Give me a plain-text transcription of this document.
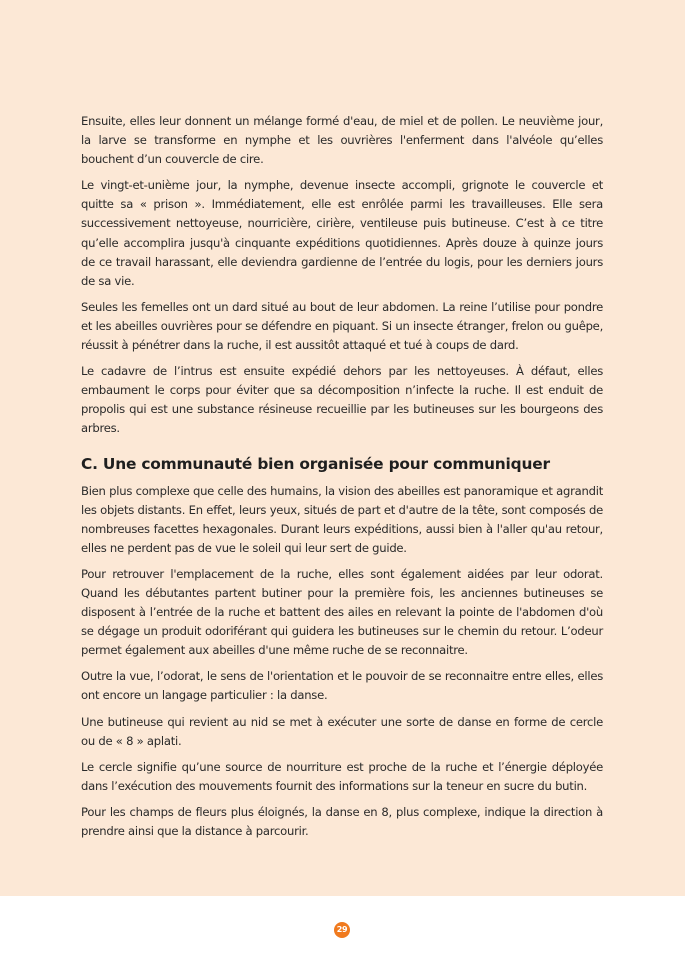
Ensuite, elles leur donnent un mélange formé d'eau, de miel et de pollen. Le neuvième jour, la larve se transforme en nymphe et les ouvrières l'enferment dans l'alvéole qu’elles bouchent d’un couvercle de cire.

Le vingt-et-unième jour, la nymphe, devenue insecte accompli, grignote le couvercle et quitte sa « prison ». Immédiatement, elle est enrôlée parmi les travailleuses. Elle sera successivement nettoyeuse, nourricière, cirière, ventileuse puis butineuse. C’est à ce titre qu’elle accomplira jusqu'à cinquante expéditions quotidiennes. Après douze à quinze jours de ce travail harassant, elle deviendra gardienne de l’entrée du logis, pour les derniers jours de sa vie.

Seules les femelles ont un dard situé au bout de leur abdomen. La reine l’utilise pour pondre et les abeilles ouvrières pour se défendre en piquant. Si un insecte étranger, frelon ou guêpe, réussit à pénétrer dans la ruche, il est aussitôt attaqué et tué à coups de dard.

Le cadavre de l’intrus est ensuite expédié dehors par les nettoyeuses. À défaut, elles embaument le corps pour éviter que sa décomposition n’infecte la ruche. Il est enduit de propolis qui est une substance résineuse recueillie par les butineuses sur les bourgeons des arbres.

C. Une communauté bien organisée pour communiquer

Bien plus complexe que celle des humains, la vision des abeilles est panoramique et agrandit les objets distants. En effet, leurs yeux, situés de part et d'autre de la tête, sont composés de nombreuses facettes hexagonales. Durant leurs expéditions, aussi bien à l'aller qu'au retour, elles ne perdent pas de vue le soleil qui leur sert de guide.

Pour retrouver l'emplacement de la ruche, elles sont également aidées par leur odorat. Quand les débutantes partent butiner pour la première fois, les anciennes butineuses se disposent à l’entrée de la ruche et battent des ailes en relevant la pointe de l'abdomen d'où se dégage un produit odoriférant qui guidera les butineuses sur le chemin du retour. L’odeur permet également aux abeilles d'une même ruche de se reconnaitre.

Outre la vue, l’odorat, le sens de l'orientation et le pouvoir de se reconnaitre entre elles, elles ont encore un langage particulier : la danse.

Une butineuse qui revient au nid se met à exécuter une sorte de danse en forme de cercle ou de « 8 » aplati.

Le cercle signifie qu’une source de nourriture est proche de la ruche et l’énergie déployée dans l’exécution des mouvements fournit des informations sur la teneur en sucre du butin.

Pour les champs de fleurs plus éloignés, la danse en 8, plus complexe, indique la direction à prendre ainsi que la distance à parcourir.

29
